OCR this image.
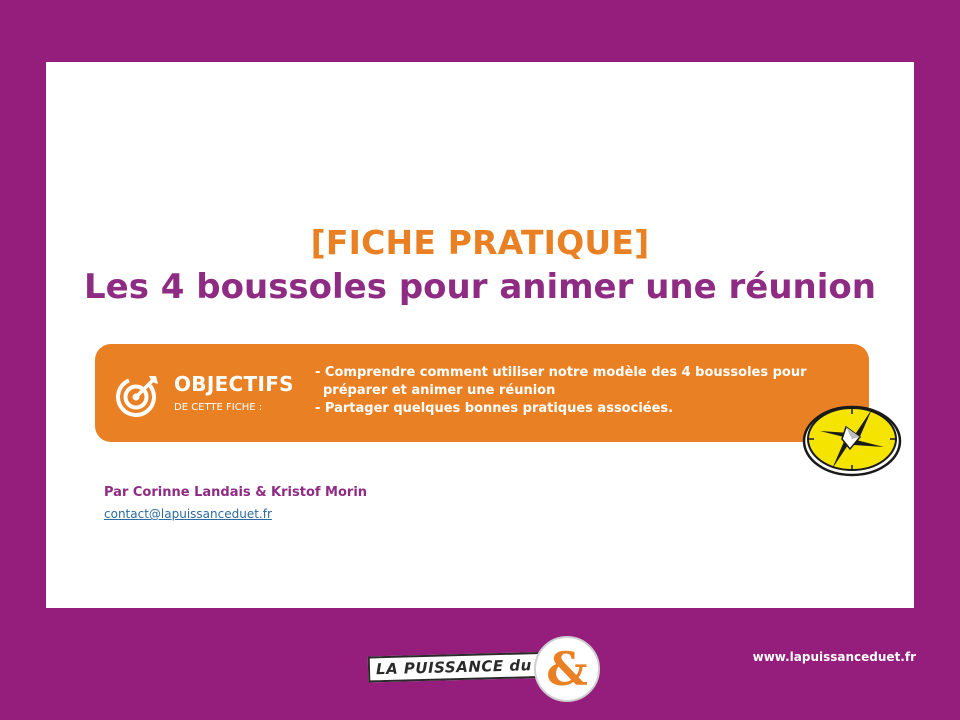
[FICHE PRATIQUE]
Les 4 boussoles pour animer une réunion
OBJECTIFS
DE CETTE FICHE :
- Comprendre comment utiliser notre modèle des 4 boussoles pour
préparer et animer une réunion
- Partager quelques bonnes pratiques associées.
Par Corinne Landais & Kristof Morin
contact@lapuissanceduet.fr
LA PUISSANCE du &	www.lapuissanceduet.fr
